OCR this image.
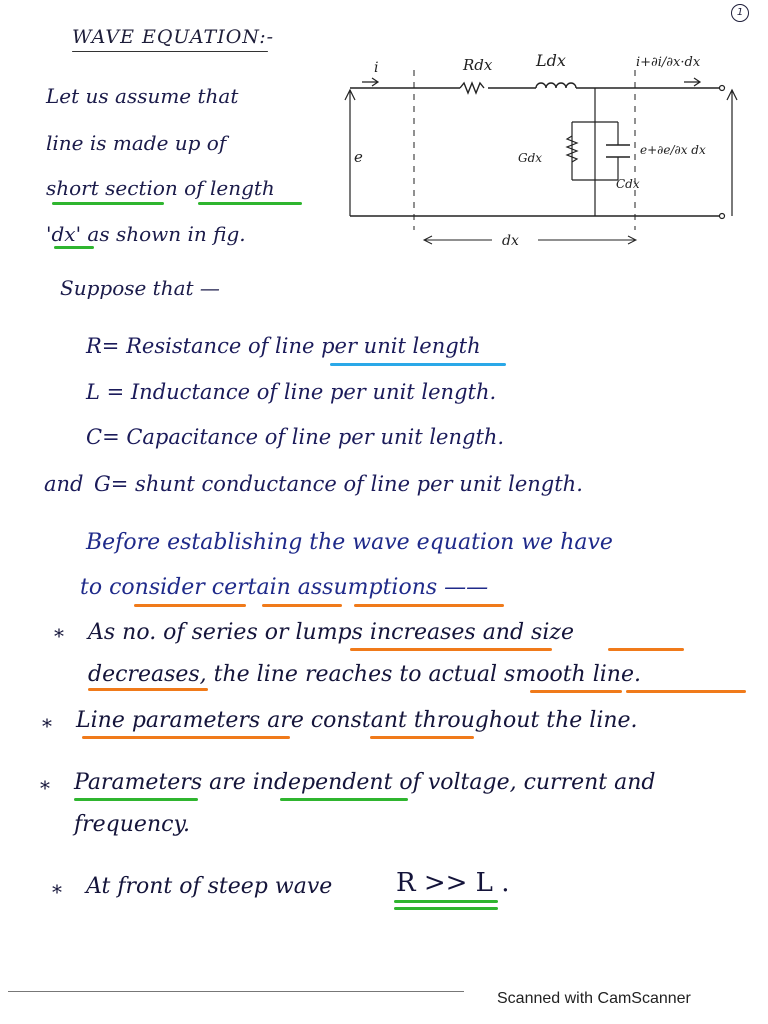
1
WAVE EQUATION:-
Let us assume that
line is made up of
short section of length
'dx' as shown in fig.
i	Rdx	Ldx	i+∂i/∂x·dx
e	Gdx
Cdx
e+∂e/∂x dx
dx
Suppose that —
R= Resistance of line per unit length
L = Inductance of line per unit length.
C= Capacitance of line per unit length.
and G= shunt conductance of line per unit length.
Before establishing the wave equation we have
to consider certain assumptions ——
* As no. of series or lumps increases and size
decreases, the line reaches to actual smooth line.
* Line parameters are constant throughout the line.
* Parameters are independent of voltage, current and
frequency.
* At front of steep wave R >> L .
Scanned with CamScanner
